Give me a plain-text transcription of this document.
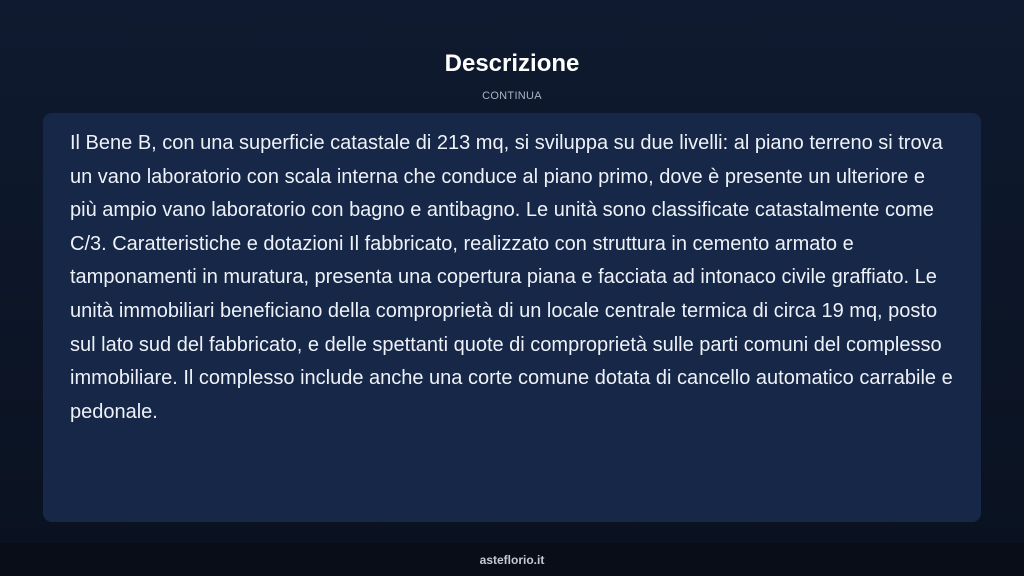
Descrizione
CONTINUA

Il Bene B, con una superficie catastale di 213 mq, si sviluppa su due livelli: al piano terreno si trova un vano laboratorio con scala interna che conduce al piano primo, dove è presente un ulteriore e più ampio vano laboratorio con bagno e antibagno. Le unità sono classificate catastalmente come C/3. Caratteristiche e dotazioni Il fabbricato, realizzato con struttura in cemento armato e tamponamenti in muratura, presenta una copertura piana e facciata ad intonaco civile graffiato. Le unità immobiliari beneficiano della comproprietà di un locale centrale termica di circa 19 mq, posto sul lato sud del fabbricato, e delle spettanti quote di comproprietà sulle parti comuni del complesso immobiliare. Il complesso include anche una corte comune dotata di cancello automatico carrabile e pedonale.

asteflorio.it
